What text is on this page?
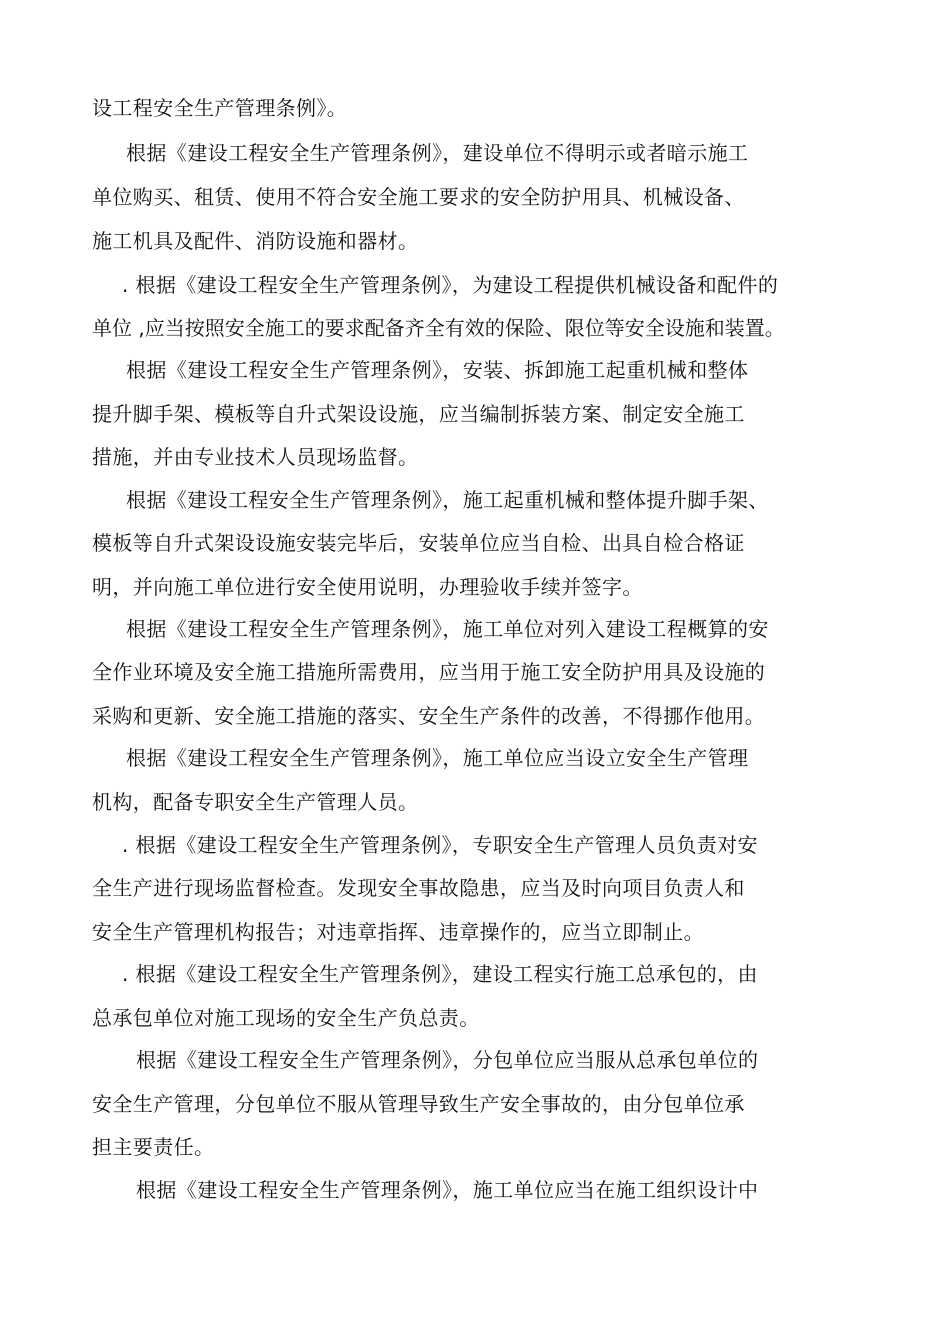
设工程安全生产管理条例》。
根据《建设工程安全生产管理条例》，建设单位不得明示或者暗示施工
单位购买、租赁、使用不符合安全施工要求的安全防护用具、机械设备、
施工机具及配件、消防设施和器材。
. 根据《建设工程安全生产管理条例》，为建设工程提供机械设备和配件的
单位 ,应当按照安全施工的要求配备齐全有效的保险、限位等安全设施和装置。
根据《建设工程安全生产管理条例》，安装、拆卸施工起重机械和整体
提升脚手架、模板等自升式架设设施，应当编制拆装方案、制定安全施工
措施，并由专业技术人员现场监督。
根据《建设工程安全生产管理条例》，施工起重机械和整体提升脚手架、
模板等自升式架设设施安装完毕后，安装单位应当自检、出具自检合格证
明，并向施工单位进行安全使用说明，办理验收手续并签字。
根据《建设工程安全生产管理条例》，施工单位对列入建设工程概算的安
全作业环境及安全施工措施所需费用，应当用于施工安全防护用具及设施的
采购和更新、安全施工措施的落实、安全生产条件的改善，不得挪作他用。
根据《建设工程安全生产管理条例》，施工单位应当设立安全生产管理
机构，配备专职安全生产管理人员。
. 根据《建设工程安全生产管理条例》，专职安全生产管理人员负责对安
全生产进行现场监督检查。发现安全事故隐患，应当及时向项目负责人和
安全生产管理机构报告；对违章指挥、违章操作的，应当立即制止。
. 根据《建设工程安全生产管理条例》，建设工程实行施工总承包的，由
总承包单位对施工现场的安全生产负总责。
根据《建设工程安全生产管理条例》，分包单位应当服从总承包单位的
安全生产管理，分包单位不服从管理导致生产安全事故的，由分包单位承
担主要责任。
根据《建设工程安全生产管理条例》，施工单位应当在施工组织设计中
